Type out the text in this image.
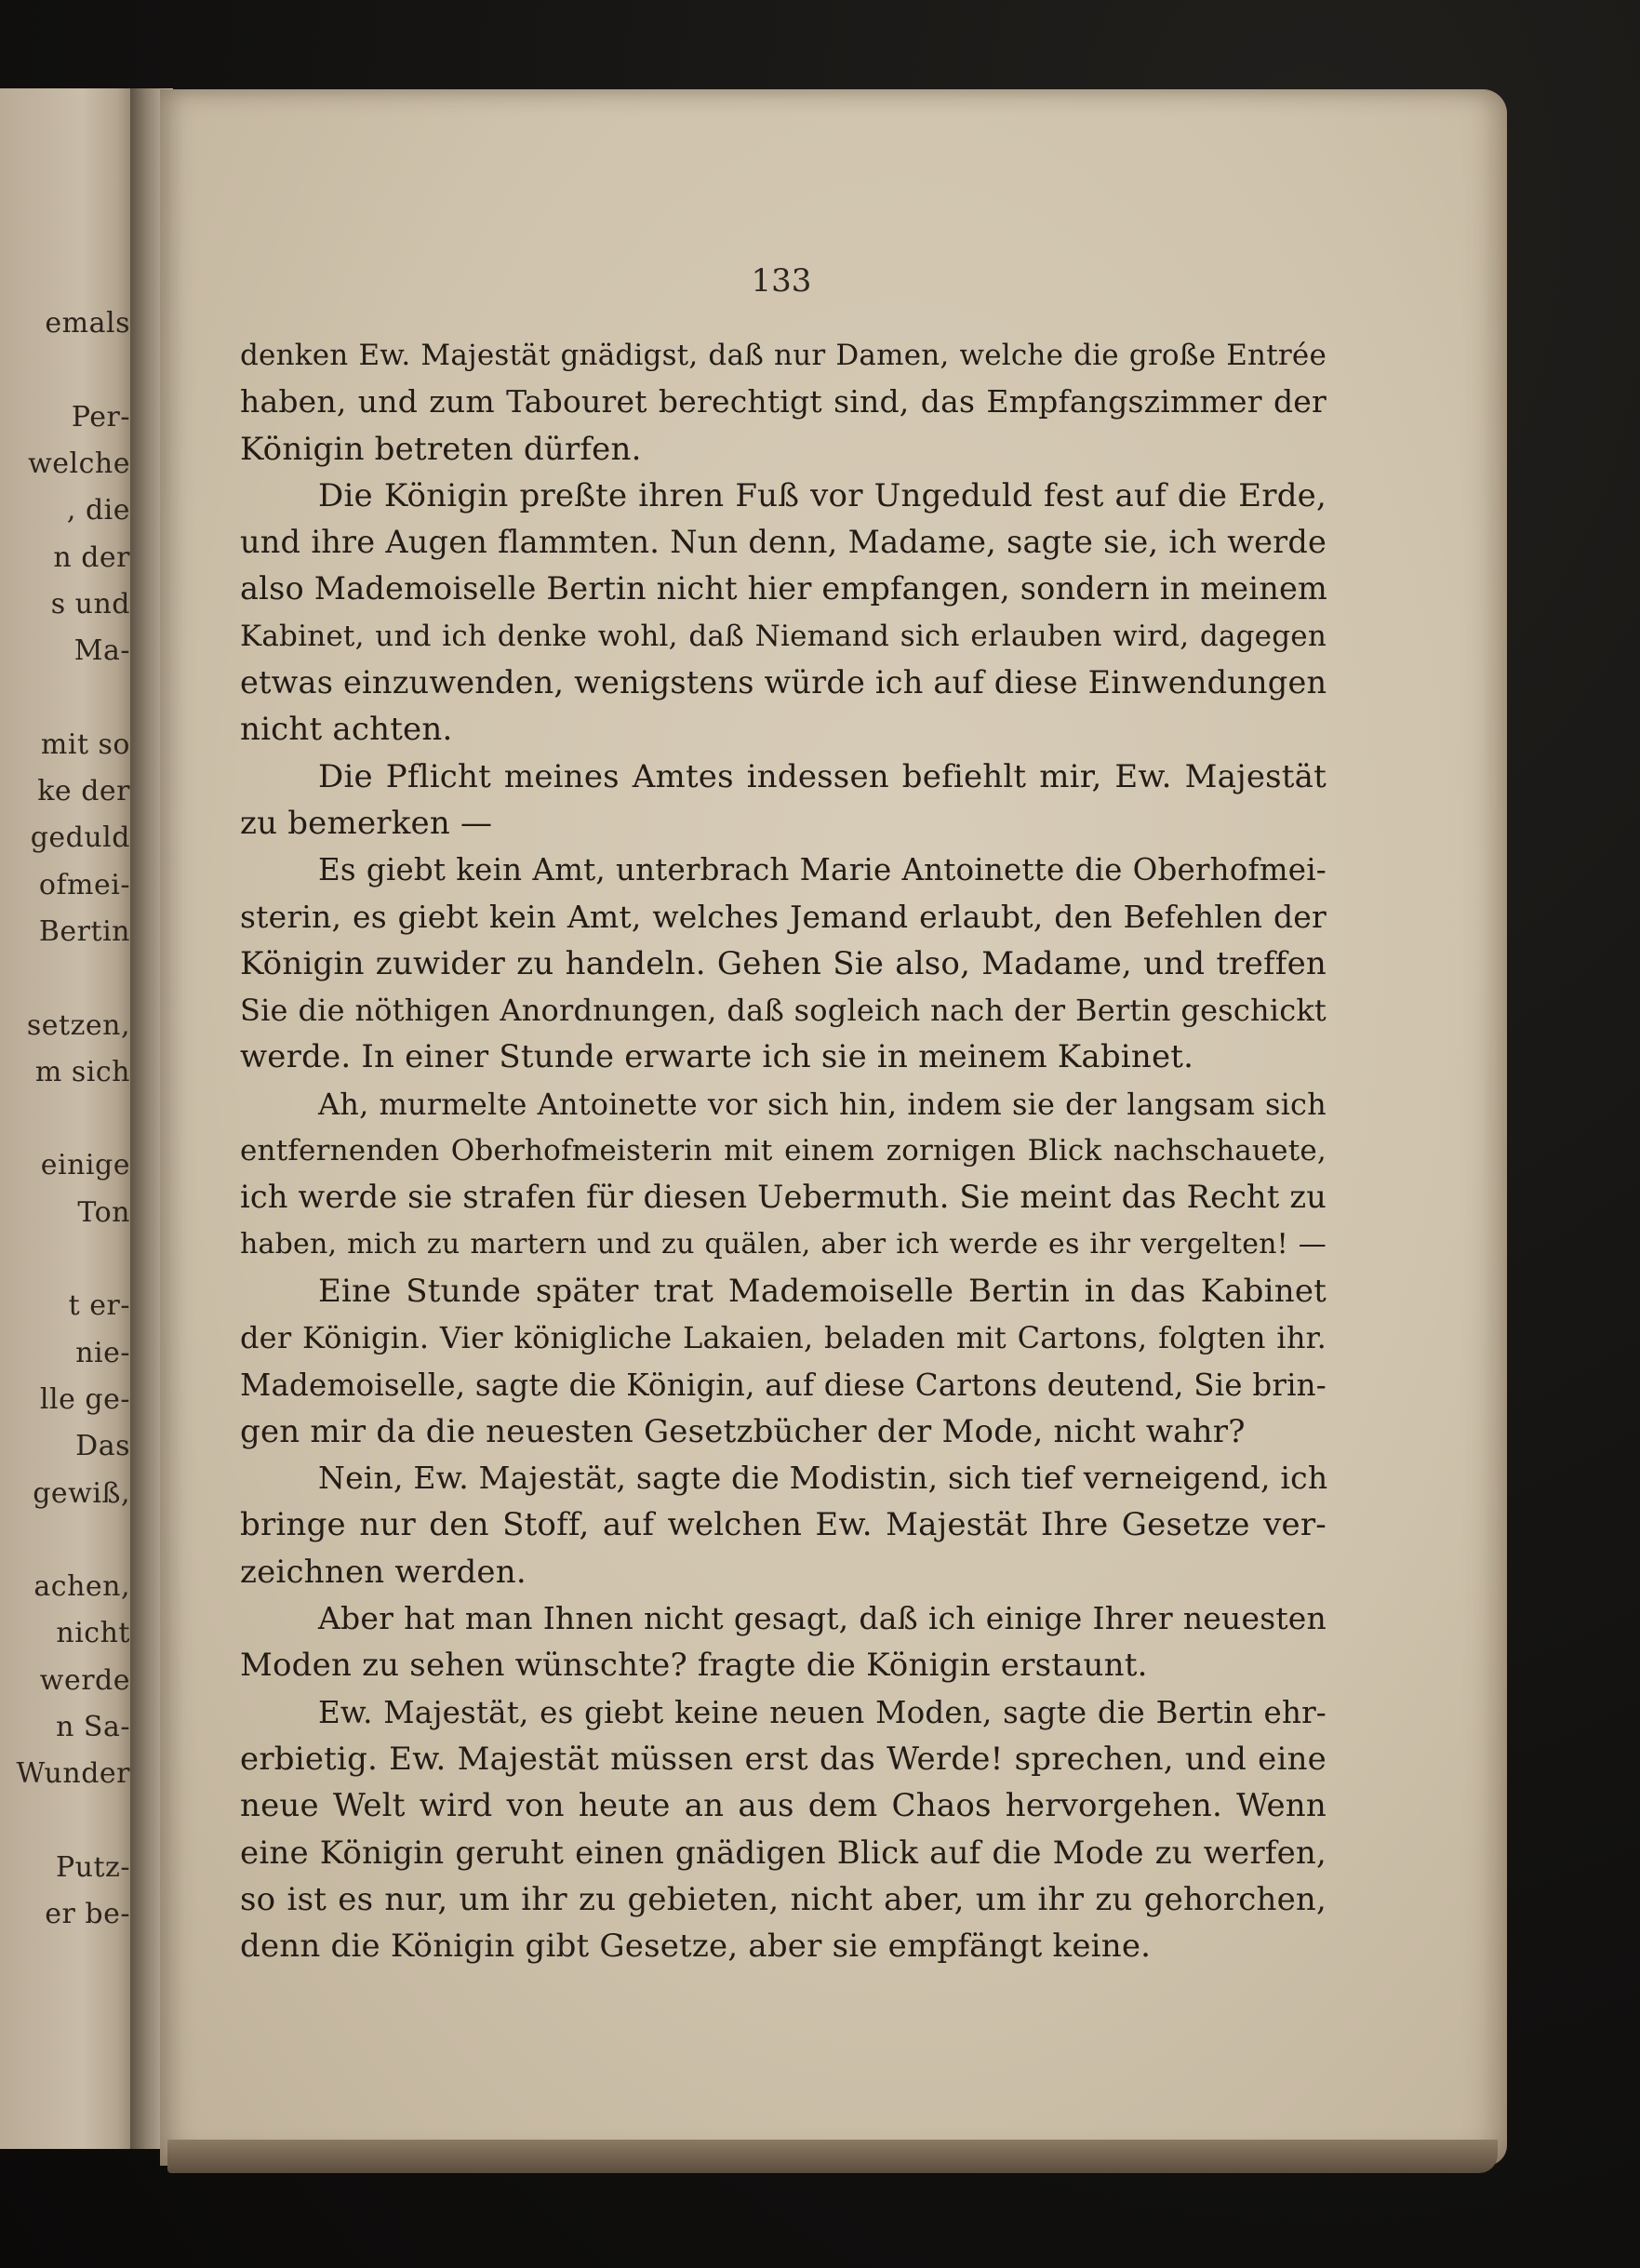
emals
Per-
welche
, die
n der
s und
Ma-
mit so
ke der
geduld
ofmei-
Bertin
setzen,
m sich
einige
Ton
t er-
nie-
lle ge-
Das
gewiß,
achen,
nicht
werde
n Sa-
Wunder
Putz-
er be-
133
denken Ew. Majestät gnädigst, daß nur Damen, welche die große Entrée
haben, und zum Tabouret berechtigt sind, das Empfangszimmer der
Königin betreten dürfen.
Die Königin preßte ihren Fuß vor Ungeduld fest auf die Erde,
und ihre Augen flammten. Nun denn, Madame, sagte sie, ich werde
also Mademoiselle Bertin nicht hier empfangen, sondern in meinem
Kabinet, und ich denke wohl, daß Niemand sich erlauben wird, dagegen
etwas einzuwenden, wenigstens würde ich auf diese Einwendungen
nicht achten.
Die Pflicht meines Amtes indessen befiehlt mir, Ew. Majestät
zu bemerken —
Es giebt kein Amt, unterbrach Marie Antoinette die Oberhofmei-
sterin, es giebt kein Amt, welches Jemand erlaubt, den Befehlen der
Königin zuwider zu handeln. Gehen Sie also, Madame, und treffen
Sie die nöthigen Anordnungen, daß sogleich nach der Bertin geschickt
werde. In einer Stunde erwarte ich sie in meinem Kabinet.
Ah, murmelte Antoinette vor sich hin, indem sie der langsam sich
entfernenden Oberhofmeisterin mit einem zornigen Blick nachschauete,
ich werde sie strafen für diesen Uebermuth. Sie meint das Recht zu
haben, mich zu martern und zu quälen, aber ich werde es ihr vergelten! —
Eine Stunde später trat Mademoiselle Bertin in das Kabinet
der Königin. Vier königliche Lakaien, beladen mit Cartons, folgten ihr.
Mademoiselle, sagte die Königin, auf diese Cartons deutend, Sie brin-
gen mir da die neuesten Gesetzbücher der Mode, nicht wahr?
Nein, Ew. Majestät, sagte die Modistin, sich tief verneigend, ich
bringe nur den Stoff, auf welchen Ew. Majestät Ihre Gesetze ver-
zeichnen werden.
Aber hat man Ihnen nicht gesagt, daß ich einige Ihrer neuesten
Moden zu sehen wünschte? fragte die Königin erstaunt.
Ew. Majestät, es giebt keine neuen Moden, sagte die Bertin ehr-
erbietig. Ew. Majestät müssen erst das Werde! sprechen, und eine
neue Welt wird von heute an aus dem Chaos hervorgehen. Wenn
eine Königin geruht einen gnädigen Blick auf die Mode zu werfen,
so ist es nur, um ihr zu gebieten, nicht aber, um ihr zu gehorchen,
denn die Königin gibt Gesetze, aber sie empfängt keine.
